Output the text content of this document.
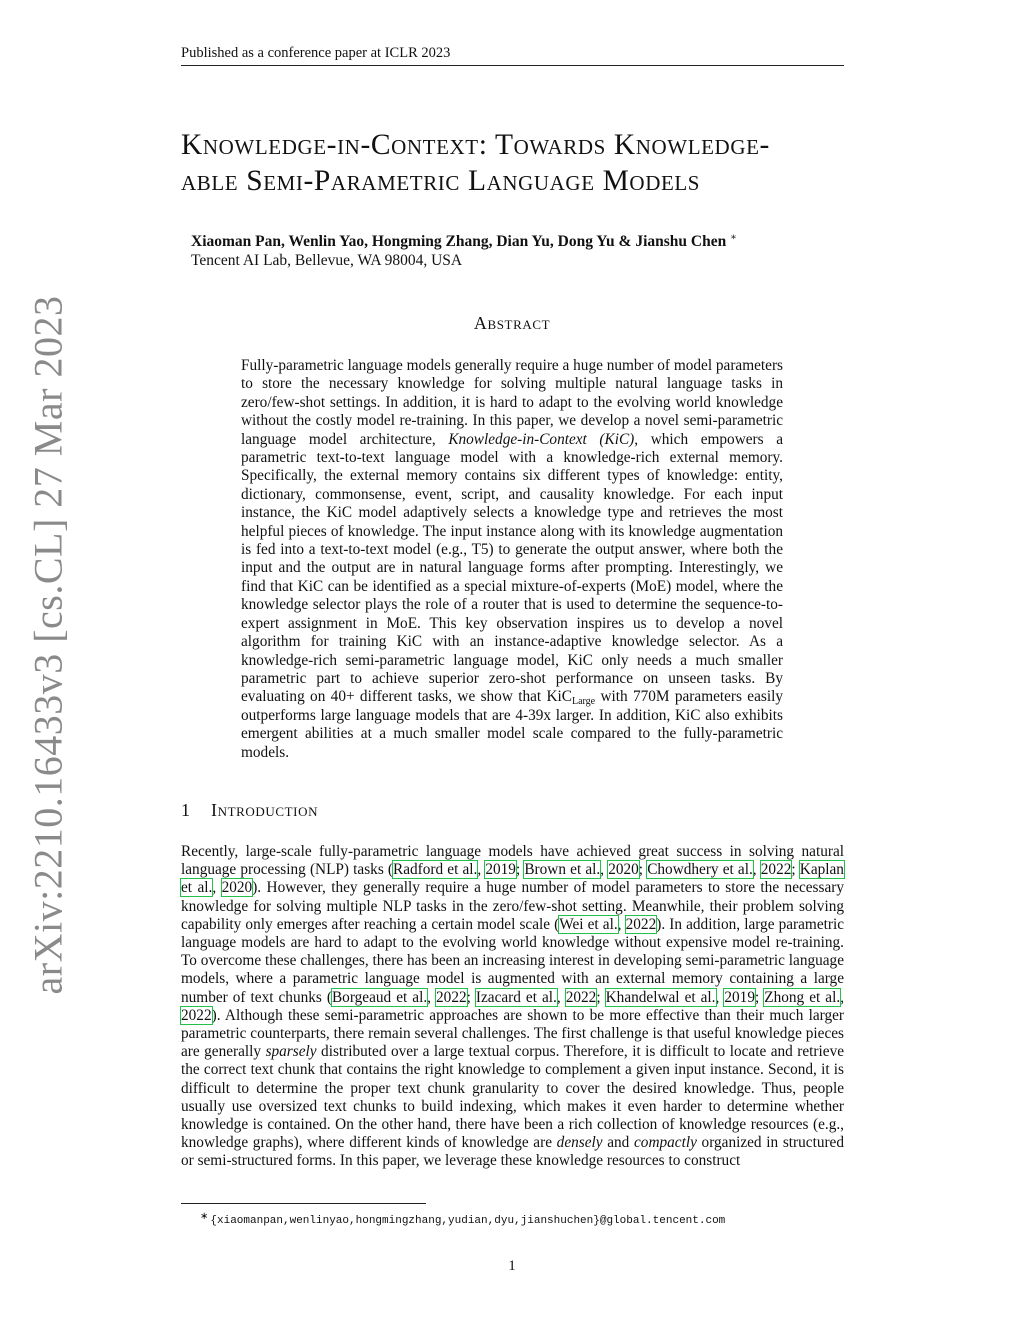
Published as a conference paper at ICLR 2023
arXiv:2210.16433v3 [cs.CL] 27 Mar 2023
Knowledge-in-Context: Towards Knowledge-
able Semi-Parametric Language Models
Xiaoman Pan, Wenlin Yao, Hongming Zhang, Dian Yu, Dong Yu & Jianshu Chen ∗
Tencent AI Lab, Bellevue, WA 98004, USA
Abstract

Fully-parametric language models generally require a huge number of model parameters to store the necessary knowledge for solving multiple natural language tasks in zero/few-shot settings. In addition, it is hard to adapt to the evolving world knowledge without the costly model re-training. In this paper, we develop a novel semi-parametric language model architecture, Knowledge-in-Context (KiC), which empowers a parametric text-to-text language model with a knowledge-rich external memory. Specifically, the external memory contains six different types of knowledge: entity, dictionary, commonsense, event, script, and causality knowledge. For each input instance, the KiC model adaptively selects a knowledge type and retrieves the most helpful pieces of knowledge. The input instance along with its knowledge augmentation is fed into a text-to-text model (e.g., T5) to generate the output answer, where both the input and the output are in natural language forms after prompting. Interestingly, we find that KiC can be identified as a special mixture-of-experts (MoE) model, where the knowledge selector plays the role of a router that is used to determine the sequence-to-expert assignment in MoE. This key observation inspires us to develop a novel algorithm for training KiC with an instance-adaptive knowledge selector. As a knowledge-rich semi-parametric language model, KiC only needs a much smaller parametric part to achieve superior zero-shot performance on unseen tasks. By evaluating on 40+ different tasks, we show that KiC$_{Large}$ with 770M parameters easily outperforms large language models that are 4-39x larger. In addition, KiC also exhibits emergent abilities at a much smaller model scale compared to the fully-parametric models.

1 Introduction

Recently, large-scale fully-parametric language models have achieved great success in solving natural language processing (NLP) tasks (Radford et al., 2019; Brown et al., 2020; Chowdhery et al., 2022; Kaplan et al., 2020). However, they generally require a huge number of model parameters to store the necessary knowledge for solving multiple NLP tasks in the zero/few-shot setting. Meanwhile, their problem solving capability only emerges after reaching a certain model scale (Wei et al., 2022). In addition, large parametric language models are hard to adapt to the evolving world knowledge without expensive model re-training. To overcome these challenges, there has been an increasing interest in developing semi-parametric language models, where a parametric language model is augmented with an external memory containing a large number of text chunks (Borgeaud et al., 2022; Izacard et al., 2022; Khandelwal et al., 2019; Zhong et al., 2022). Although these semi-parametric approaches are shown to be more effective than their much larger parametric counterparts, there remain several challenges. The first challenge is that useful knowledge pieces are generally sparsely distributed over a large textual corpus. Therefore, it is difficult to locate and retrieve the correct text chunk that contains the right knowledge to complement a given input instance. Second, it is difficult to determine the proper text chunk granularity to cover the desired knowledge. Thus, people usually use oversized text chunks to build indexing, which makes it even harder to determine whether knowledge is contained. On the other hand, there have been a rich collection of knowledge resources (e.g., knowledge graphs), where different kinds of knowledge are densely and compactly organized in structured or semi-structured forms. In this paper, we leverage these knowledge resources to construct

∗ {xiaomanpan,wenlinyao,hongmingzhang,yudian,dyu,jianshuchen}@global.tencent.com
1
